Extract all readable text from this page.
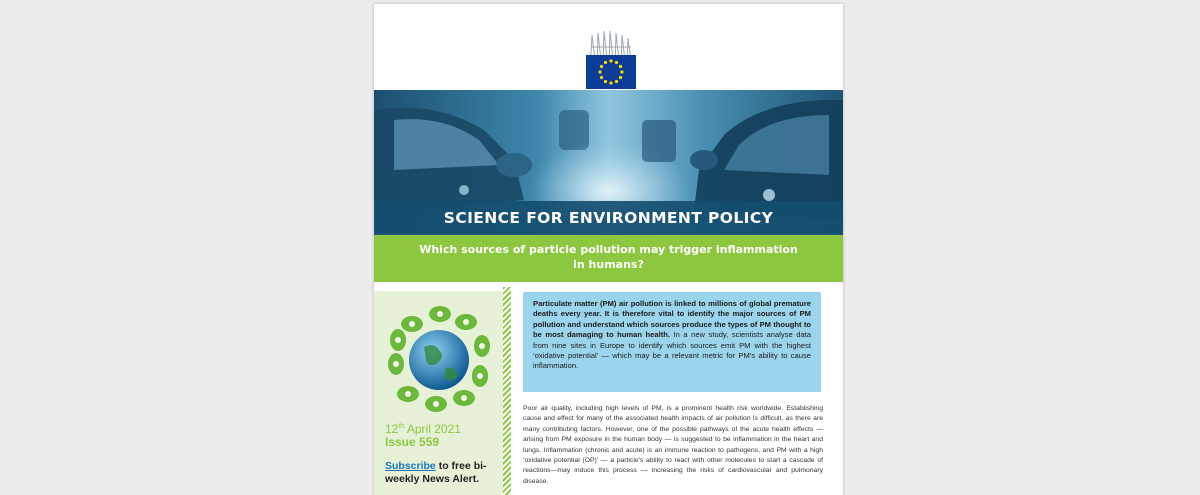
SCIENCE FOR ENVIRONMENT POLICY
Which sources of particle pollution may trigger inflammation in humans?
12th April 2021
Issue 559
Subscribe to free bi-weekly News Alert.
Particulate matter (PM) air pollution is linked to millions of global premature deaths every year. It is therefore vital to identify the major sources of PM pollution and understand which sources produce the types of PM thought to be most damaging to human health. In a new study, scientists analyse data from nine sites in Europe to identify which sources emit PM with the highest ‘oxidative potential’ — which may be a relevant metric for PM's ability to cause inflammation.
Poor air quality, including high levels of PM, is a prominent health risk worldwide. Establishing cause and effect for many of the associated health impacts of air pollution is difficult, as there are many contributing factors. However, one of the possible pathways of the acute health effects — arising from PM exposure in the human body — is suggested to be inflammation in the heart and lungs. Inflammation (chronic and acute) is an immune reaction to pathogens, and PM with a high ‘oxidative potential (OP)’ — a particle's ability to react with other molecules to start a cascade of reactions—may induce this process — increasing the risks of cardiovascular and pulmonary disease.
